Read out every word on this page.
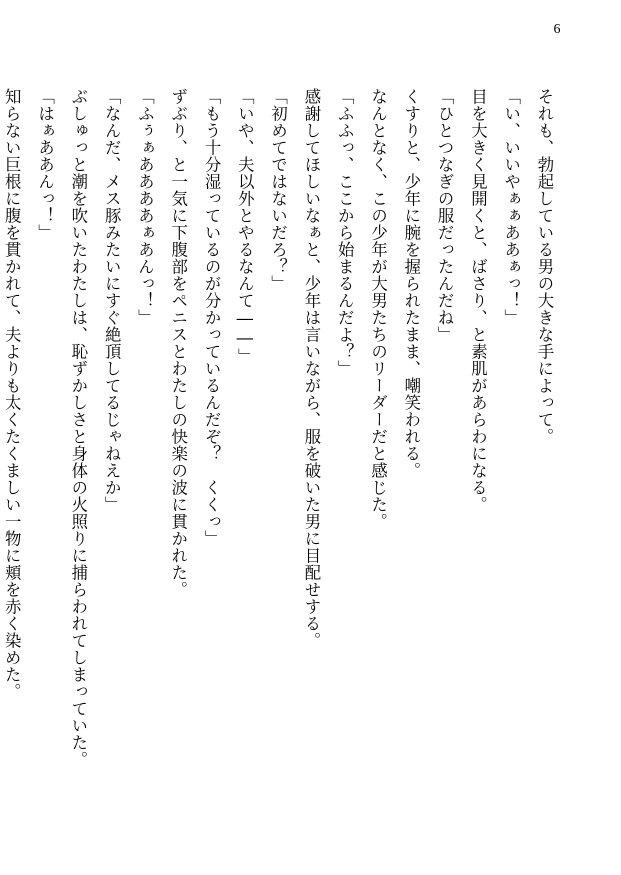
6
それも、勃起している男の大きな手によって。
「い、いいやぁぁああぁっ！」
目を大きく見開くと、ばさり、と素肌があらわになる。
「ひとつなぎの服だったんだね」
くすりと、少年に腕を握られたまま、嘲笑われる。
なんとなく、この少年が大男たちのリーダーだと感じた。
「ふふっ、ここから始まるんだよ？」
感謝してほしいなぁと、少年は言いながら、服を破いた男に目配せする。
「初めてではないだろ？」
「いや、夫以外とやるなんて――」
「もう十分湿っているのが分かっているんだぞ？　くくっ」
ずぶり、と一気に下腹部をペニスとわたしの快楽の波に貫かれた。
「ふぅぁああああぁあんっ！」
「なんだ、メス豚みたいにすぐ絶頂してるじゃねえか」
ぶしゅっと潮を吹いたわたしは、恥ずかしさと身体の火照りに捕らわれてしまっていた。
「はぁああんっ！」
知らない巨根に腹を貫かれて、夫よりも太くたくましい一物に頬を赤く染めた。
